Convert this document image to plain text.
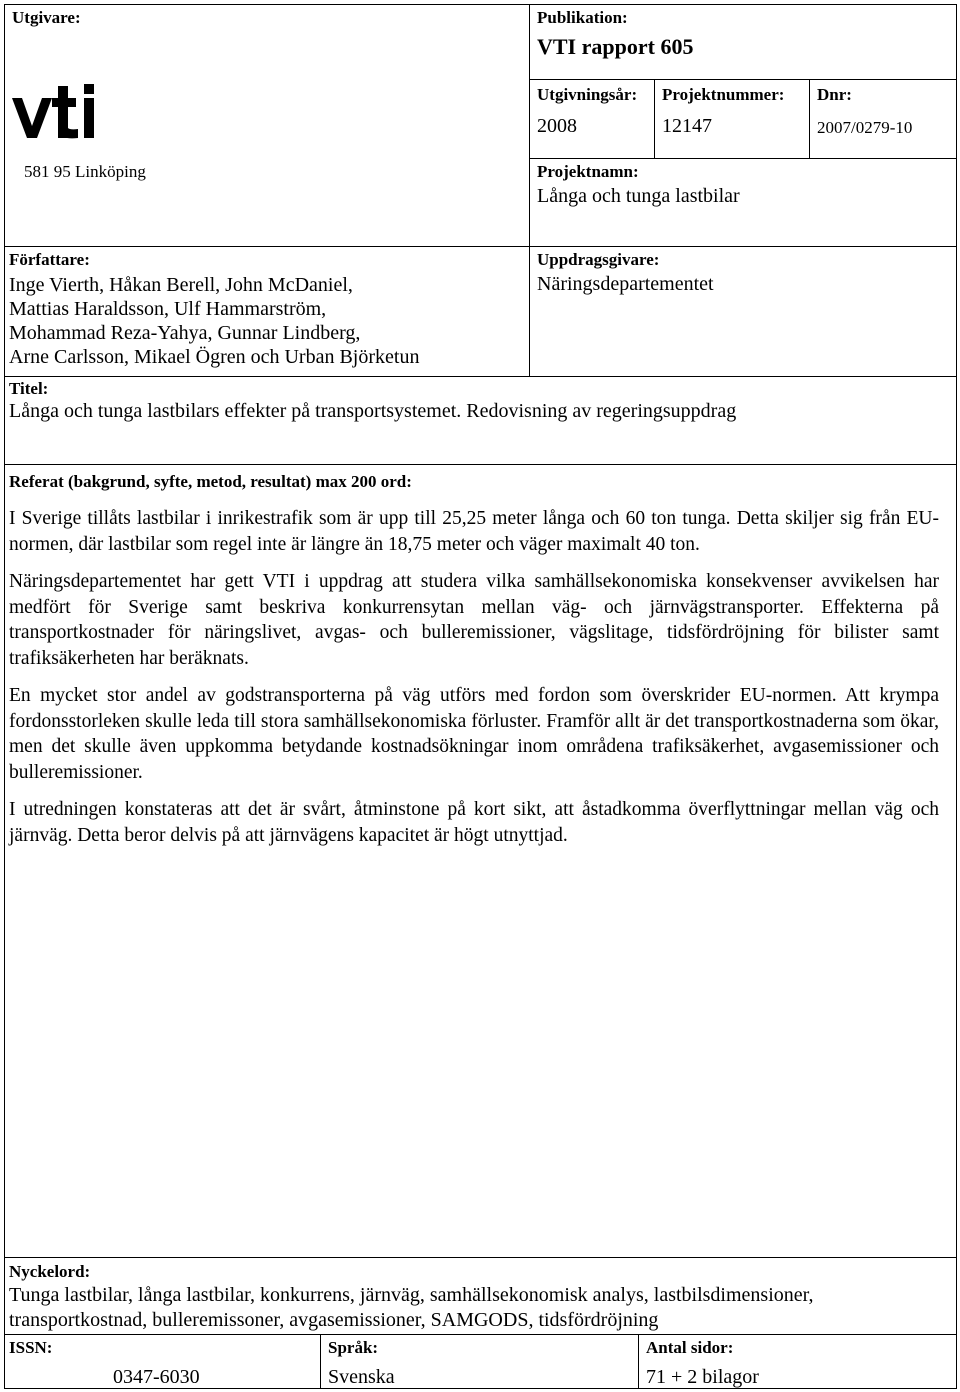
Utgivare:
581 95 Linköping
Publikation:
VTI rapport 605
Utgivningsår:
2008
Projektnummer:
12147
Dnr:
2007/0279-10
Projektnamn:
Långa och tunga lastbilar
Författare:
Inge Vierth, Håkan Berell, John McDaniel,
Mattias Haraldsson, Ulf Hammarström,
Mohammad Reza-Yahya, Gunnar Lindberg,
Arne Carlsson, Mikael Ögren och Urban Björketun
Uppdragsgivare:
Näringsdepartementet
Titel:
Långa och tunga lastbilars effekter på transportsystemet. Redovisning av regeringsuppdrag
Referat (bakgrund, syfte, metod, resultat) max 200 ord:

I Sverige tillåts lastbilar i inrikestrafik som är upp till 25,25 meter långa och 60 ton tunga. Detta skiljer sig från EU-normen, där lastbilar som regel inte är längre än 18,75 meter och väger maximalt 40 ton.

Näringsdepartementet har gett VTI i uppdrag att studera vilka samhällsekonomiska konsekvenser avvikelsen har medfört för Sverige samt beskriva konkurrensytan mellan väg- och järnvägstransporter. Effekterna på transportkostnader för näringslivet, avgas- och bulleremissioner, vägslitage, tidsfördröjning för bilister samt trafiksäkerheten har beräknats.

En mycket stor andel av godstransporterna på väg utförs med fordon som överskrider EU-normen. Att krympa fordonsstorleken skulle leda till stora samhällsekonomiska förluster. Framför allt är det transportkostnaderna som ökar, men det skulle även uppkomma betydande kostnadsökningar inom områdena trafiksäkerhet, avgasemissioner och bulleremissioner.

I utredningen konstateras att det är svårt, åtminstone på kort sikt, att åstadkomma överflyttningar mellan väg och järnväg. Detta beror delvis på att järnvägens kapacitet är högt utnyttjad.

Nyckelord:
Tunga lastbilar, långa lastbilar, konkurrens, järnväg, samhällsekonomisk analys, lastbilsdimensioner, transportkostnad, bulleremissoner, avgasemissioner, SAMGODS, tidsfördröjning
ISSN:
0347-6030
Språk:
Svenska
Antal sidor:
71 + 2 bilagor
